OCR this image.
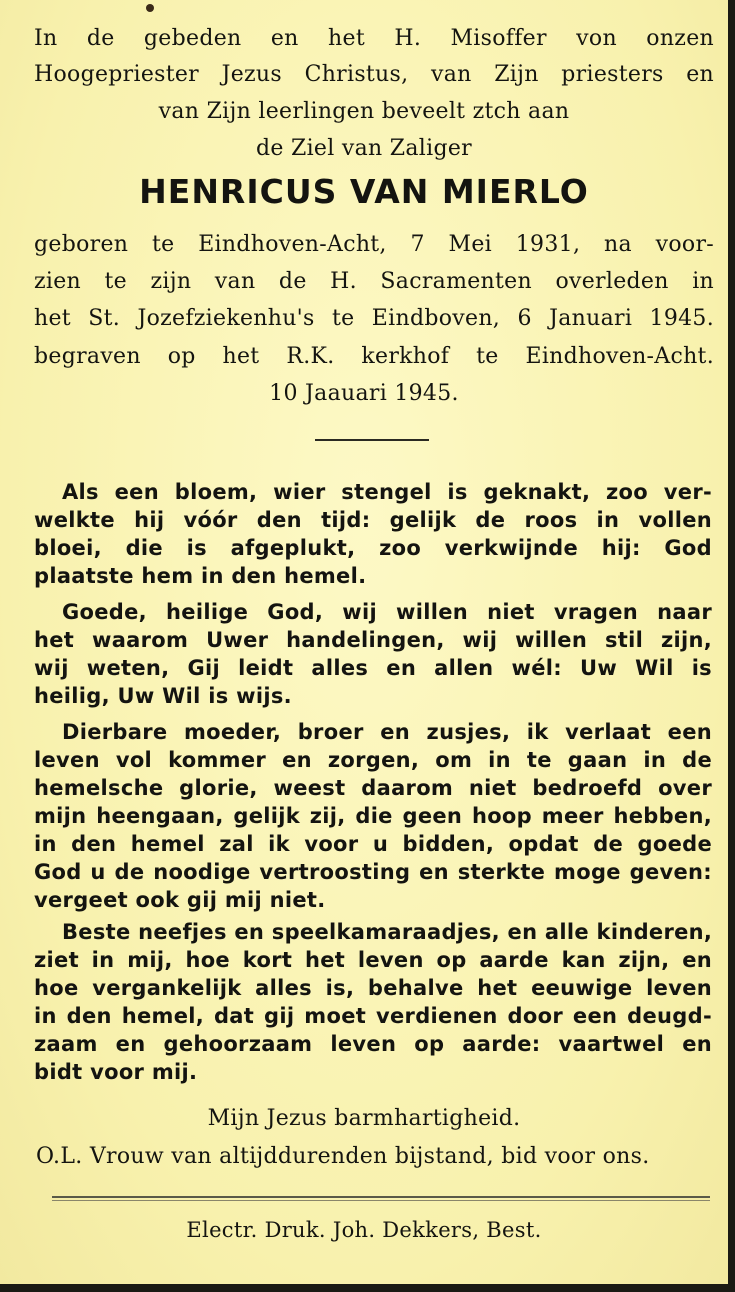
In de gebeden en het H. Misoffer von onzen
Hoogepriester Jezus Christus, van Zijn priesters en
van Zijn leerlingen beveelt ztch aan
de Ziel van Zaliger
HENRICUS VAN MIERLO
geboren te Eindhoven-Acht, 7 Mei 1931, na voor-
zien te zijn van de H. Sacramenten overleden in
het St. Jozefziekenhu's te Eindboven, 6 Januari 1945.
begraven op het R.K. kerkhof te Eindhoven-Acht.
10 Jaauari 1945.
Als een bloem, wier stengel is geknakt, zoo ver-
welkte hij vóór den tijd: gelijk de roos in vollen
bloei, die is afgeplukt, zoo verkwijnde hij: God
plaatste hem in den hemel.
Goede, heilige God, wij willen niet vragen naar
het waarom Uwer handelingen, wij willen stil zijn,
wij weten, Gij leidt alles en allen wél: Uw Wil is
heilig, Uw Wil is wijs.
Dierbare moeder, broer en zusjes, ik verlaat een
leven vol kommer en zorgen, om in te gaan in de
hemelsche glorie, weest daarom niet bedroefd over
mijn heengaan, gelijk zij, die geen hoop meer hebben,
in den hemel zal ik voor u bidden, opdat de goede
God u de noodige vertroosting en sterkte moge geven:
vergeet ook gij mij niet.
Beste neefjes en speelkamaraadjes, en alle kinderen,
ziet in mij, hoe kort het leven op aarde kan zijn, en
hoe vergankelijk alles is, behalve het eeuwige leven
in den hemel, dat gij moet verdienen door een deugd-
zaam en gehoorzaam leven op aarde: vaartwel en
bidt voor mij.
Mijn Jezus barmhartigheid.
O.L. Vrouw van altijddurenden bijstand, bid voor ons.
Electr. Druk. Joh. Dekkers, Best.
